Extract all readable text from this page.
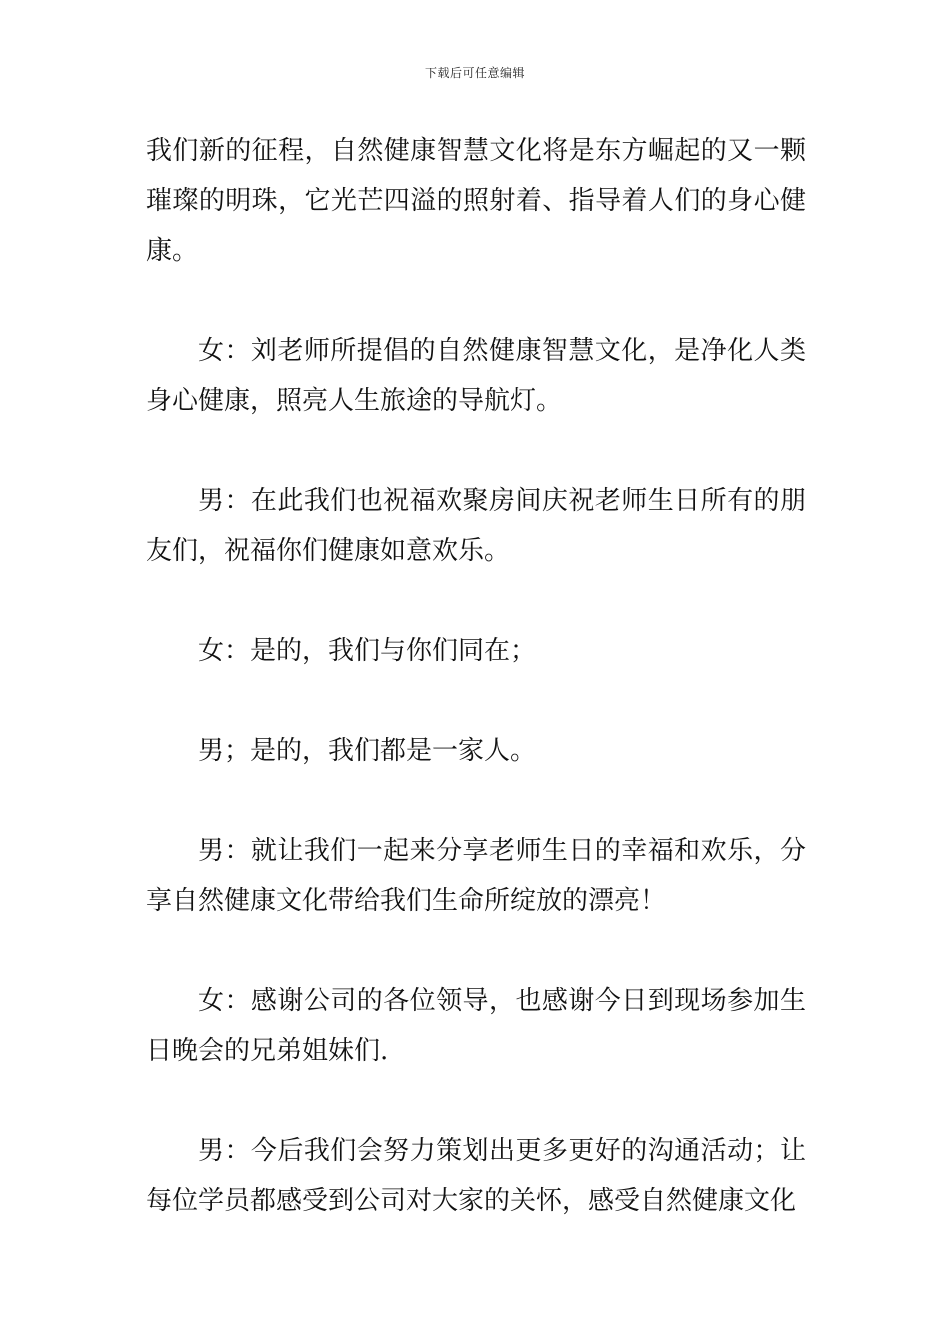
下载后可任意编辑

我们新的征程，自然健康智慧文化将是东方崛起的又一颗璀璨的明珠，它光芒四溢的照射着、指导着人们的身心健康。

女：刘老师所提倡的自然健康智慧文化，是净化人类身心健康，照亮人生旅途的导航灯。

男：在此我们也祝福欢聚房间庆祝老师生日所有的朋友们，祝福你们健康如意欢乐。

女：是的，我们与你们同在；

男；是的，我们都是一家人。

男：就让我们一起来分享老师生日的幸福和欢乐，分享自然健康文化带给我们生命所绽放的漂亮！

女：感谢公司的各位领导，也感谢今日到现场参加生日晚会的兄弟姐妹们.

男：今后我们会努力策划出更多更好的沟通活动；让每位学员都感受到公司对大家的关怀，感受自然健康文化
